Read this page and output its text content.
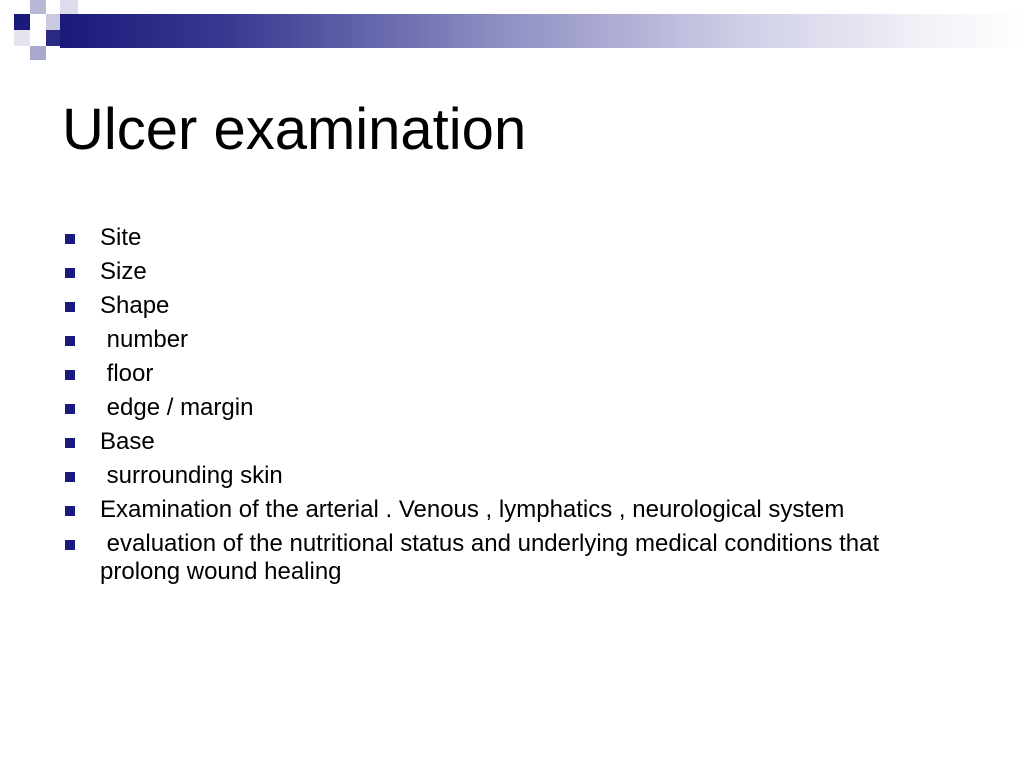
Ulcer examination
Site
Size
Shape
number
floor
edge / margin
Base
surrounding skin
Examination of the arterial . Venous , lymphatics , neurological system
evaluation of the nutritional status and underlying medical conditions that prolong wound healing
